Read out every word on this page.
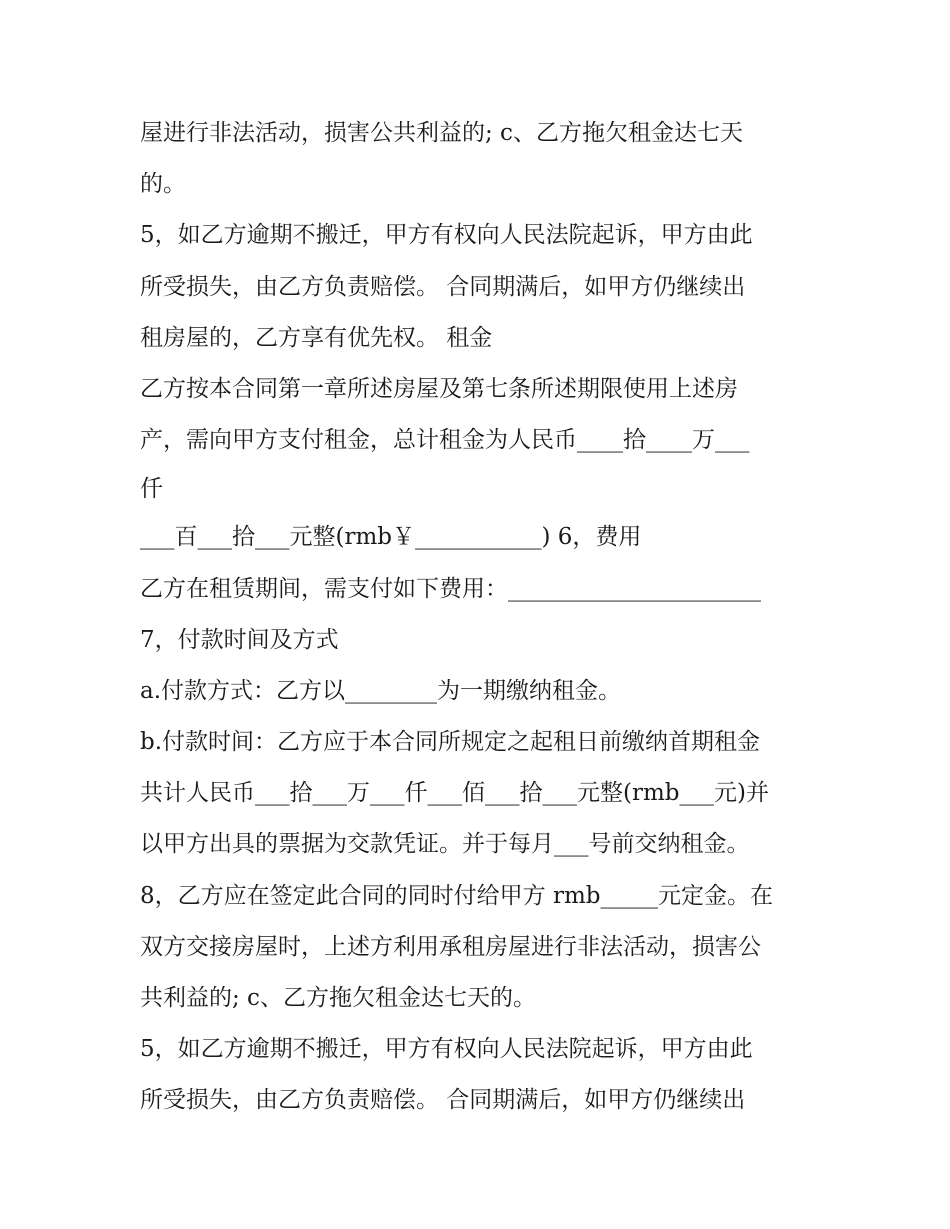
屋进行非法活动，损害公共利益的; c、乙方拖欠租金达七天
的。
5，如乙方逾期不搬迁，甲方有权向人民法院起诉，甲方由此
所受损失，由乙方负责赔偿。 合同期满后，如甲方仍继续出
租房屋的，乙方享有优先权。 租金
乙方按本合同第一章所述房屋及第七条所述期限使用上述房
产，需向甲方支付租金，总计租金为人民币____拾____万___
仟
___百___拾___元整(rmb￥___________) 6，费用
乙方在租赁期间，需支付如下费用：______________________
7，付款时间及方式
a.付款方式：乙方以________为一期缴纳租金。
b.付款时间：乙方应于本合同所规定之起租日前缴纳首期租金
共计人民币___拾___万___仟___佰___拾___元整(rmb___元)并
以甲方出具的票据为交款凭证。并于每月___号前交纳租金。
8，乙方应在签定此合同的同时付给甲方 rmb_____元定金。在
双方交接房屋时，上述方利用承租房屋进行非法活动，损害公
共利益的; c、乙方拖欠租金达七天的。
5，如乙方逾期不搬迁，甲方有权向人民法院起诉，甲方由此
所受损失，由乙方负责赔偿。 合同期满后，如甲方仍继续出
